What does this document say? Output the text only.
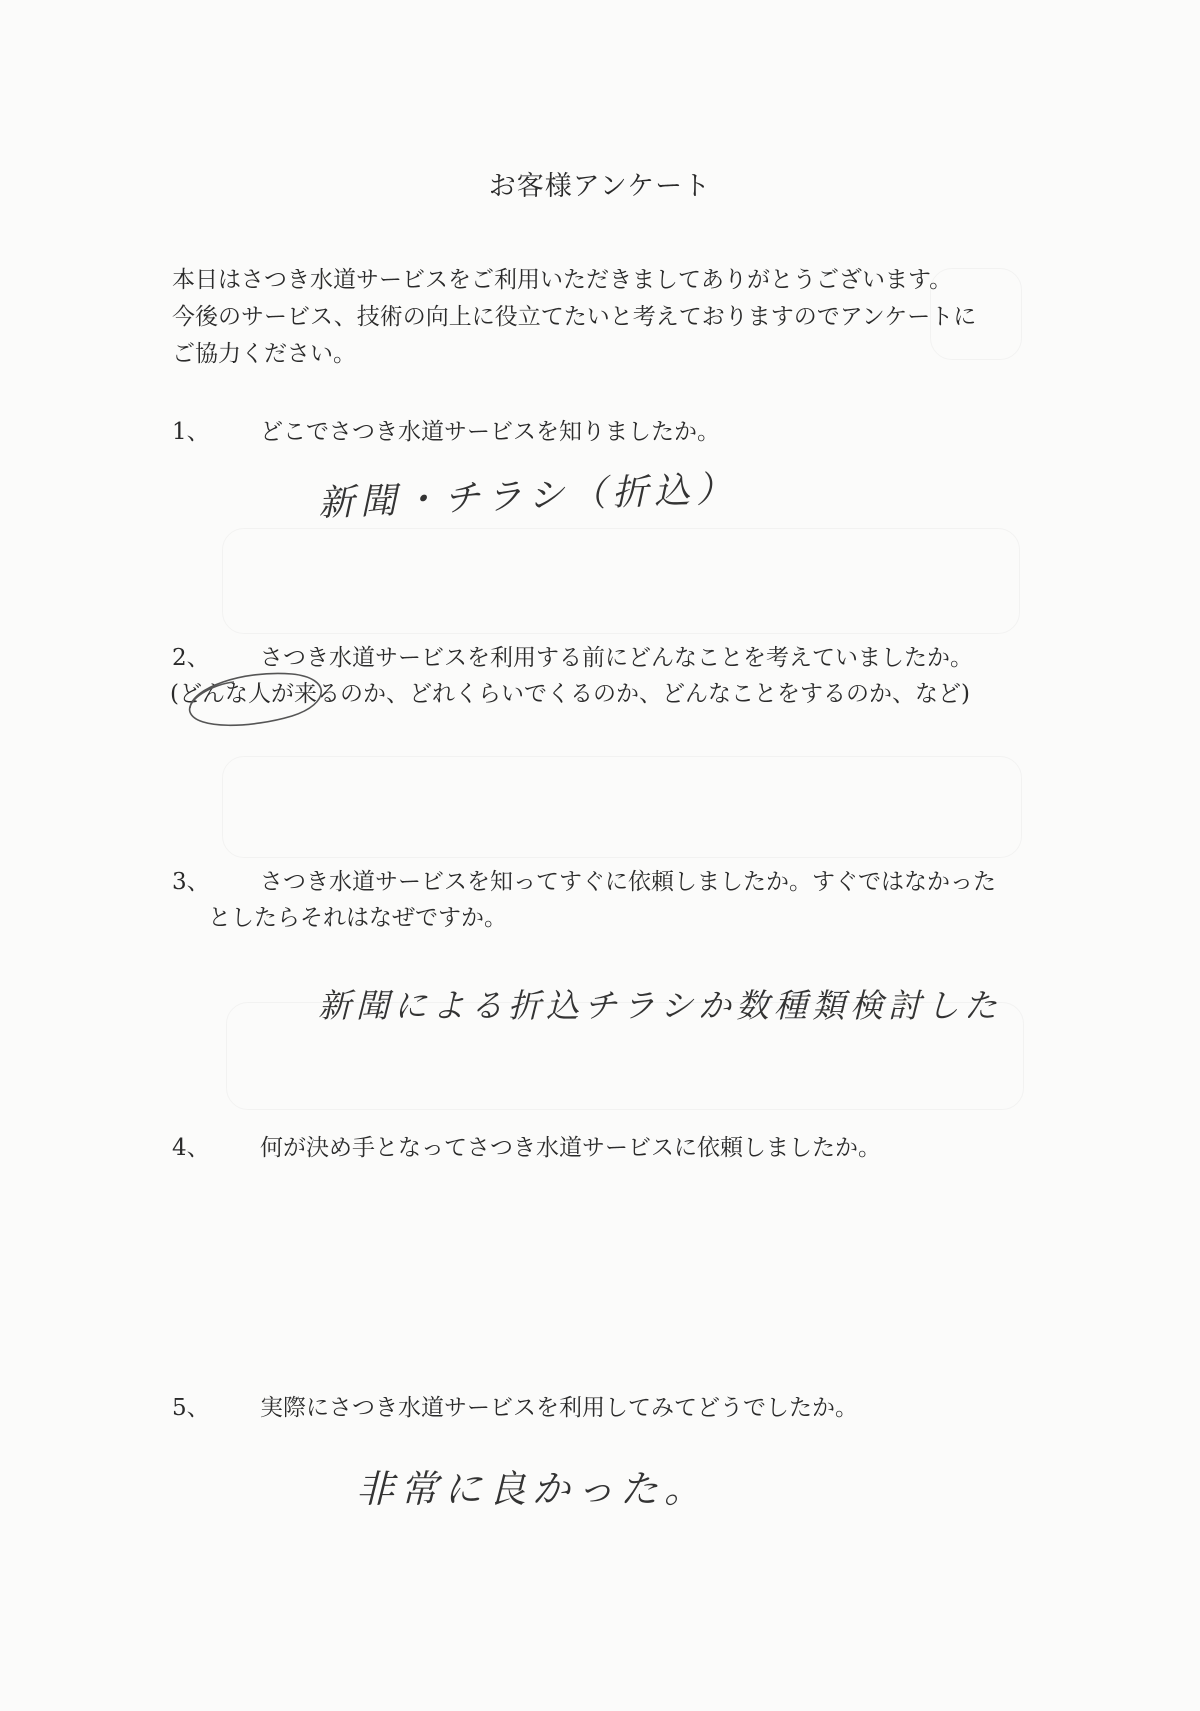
お客様アンケート
本日はさつき水道サービスをご利用いただきましてありがとうございます。
今後のサービス、技術の向上に役立てたいと考えておりますのでアンケートに
ご協力ください。
1、 どこでさつき水道サービスを知りましたか。
新聞・チラシ（折込）
2、 さつき水道サービスを利用する前にどんなことを考えていましたか。
(どんな人が来るのか、どれくらいでくるのか、どんなことをするのか、など)
3、 さつき水道サービスを知ってすぐに依頼しましたか。すぐではなかった
としたらそれはなぜですか。
新聞による折込チラシか数種類検討した
4、 何が決め手となってさつき水道サービスに依頼しましたか。
5、 実際にさつき水道サービスを利用してみてどうでしたか。
非常に良かった。
